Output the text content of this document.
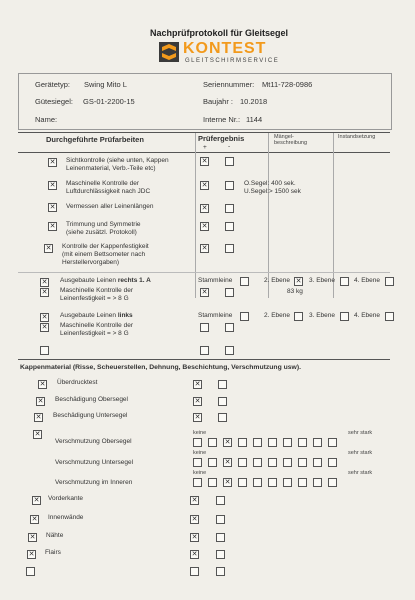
Nachprüfprotokoll für Gleitsegel
KONTEST
GLEITSCHIRMSERVICE
Gerätetyp: Swing Mito L	Seriennummer: Mt11-728-0986
Gütesiegel: GS-01-2200-15	Baujahr : 10.2018
Name:	Interne Nr.: 1144
Durchgeführte Prüfarbeiten	Prüfergebnis	Mängel-
beschreibung
Instandsetzung
+	-
✕
Sichtkontrolle (siehe unten, Kappen
Leinenmaterial, Verb.-Teile etc)
✕
✕
Maschinelle Kontrolle der
Luftdurchlässigkeit nach JDC
✕
O.Segel: 400 sek.
U.Segel:> 1500 sek
✕
Vermessen aller Leinenlängen
✕
✕
Trimmung und Symmetrie
(siehe zusätzl. Protokoll)
✕
✕
Kontrolle der Kappenfestigkeit
(mit einem Bettsometer nach
Herstellervorgaben)
✕
✕
Ausgebaute Leinen rechts 1. A	Stammleine	2. Ebene
✕	3. Ebene	4. Ebene
✕
Maschinelle Kontrolle der
Leinenfestigkeit = > 8 G
✕
83 kg
✕
Ausgebaute Leinen links	Stammleine	2. Ebene	3. Ebene	4. Ebene
✕
Maschinelle Kontrolle der
Leinenfestigkeit = > 8 G
Kappenmaterial (Risse, Scheuerstellen, Dehnung, Beschichtung, Verschmutzung usw).
✕
Überdrucktest
✕
✕
Beschädigung Obersegel
✕
✕
Beschädigung Untersegel
✕
✕
keine	sehr stark
Verschmutzung Obersegel
✕
keine	sehr stark
Verschmutzung Untersegel
✕
keine	sehr stark
Verschmutzung im Inneren
✕
✕
Vorderkante
✕
✕
Innenwände
✕
✕
Nähte
✕
✕
Flairs
✕
